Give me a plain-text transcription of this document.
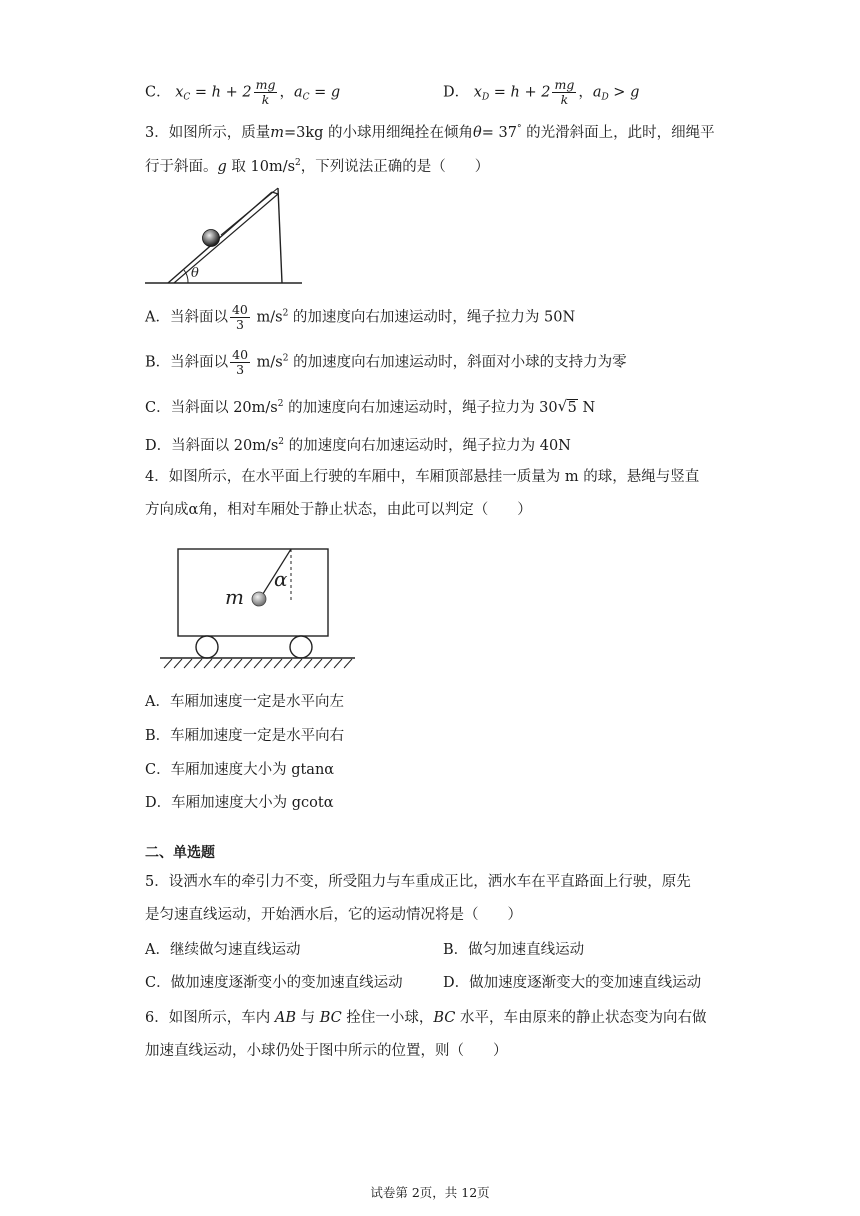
C． $x_C = h + 2 \frac{mg}{k}$ ，$a_C = g$	D． $x_D = h + 2 \frac{mg}{k}$ ，$a_D > g$
3．如图所示，质量m=3kg 的小球用细绳拴在倾角θ= 37° 的光滑斜面上，此时，细绳平
行于斜面。g 取 $10m/s^2$，下列说法正确的是（　　）
θ
A．当斜面以 $\frac{40}{3} m/s^2$ 的加速度向右加速运动时，绳子拉力为 50N
B．当斜面以 $\frac{40}{3} m/s^2$ 的加速度向右加速运动时，斜面对小球的支持力为零
C．当斜面以 $20m/s^2$ 的加速度向右加速运动时，绳子拉力为 30√ 5 N
D．当斜面以 $20m/s^2$ 的加速度向右加速运动时，绳子拉力为 40N
4．如图所示，在水平面上行驶的车厢中，车厢顶部悬挂一质量为 m 的球，悬绳与竖直
方向成α角，相对车厢处于静止状态，由此可以判定（　　）
m
α
A．车厢加速度一定是水平向左
B．车厢加速度一定是水平向右
C．车厢加速度大小为 gtanα
D．车厢加速度大小为 gcotα
二、单选题
5．设洒水车的牵引力不变，所受阻力与车重成正比，洒水车在平直路面上行驶，原先
是匀速直线运动，开始洒水后，它的运动情况将是（　　）
A．继续做匀速直线运动	B．做匀加速直线运动
C．做加速度逐渐变小的变加速直线运动	D．做加速度逐渐变大的变加速直线运动
6．如图所示，车内 AB 与 BC 拴住一小球，BC 水平，车由原来的静止状态变为向右做
加速直线运动，小球仍处于图中所示的位置，则（　　）
试卷第 2页，共 12页
